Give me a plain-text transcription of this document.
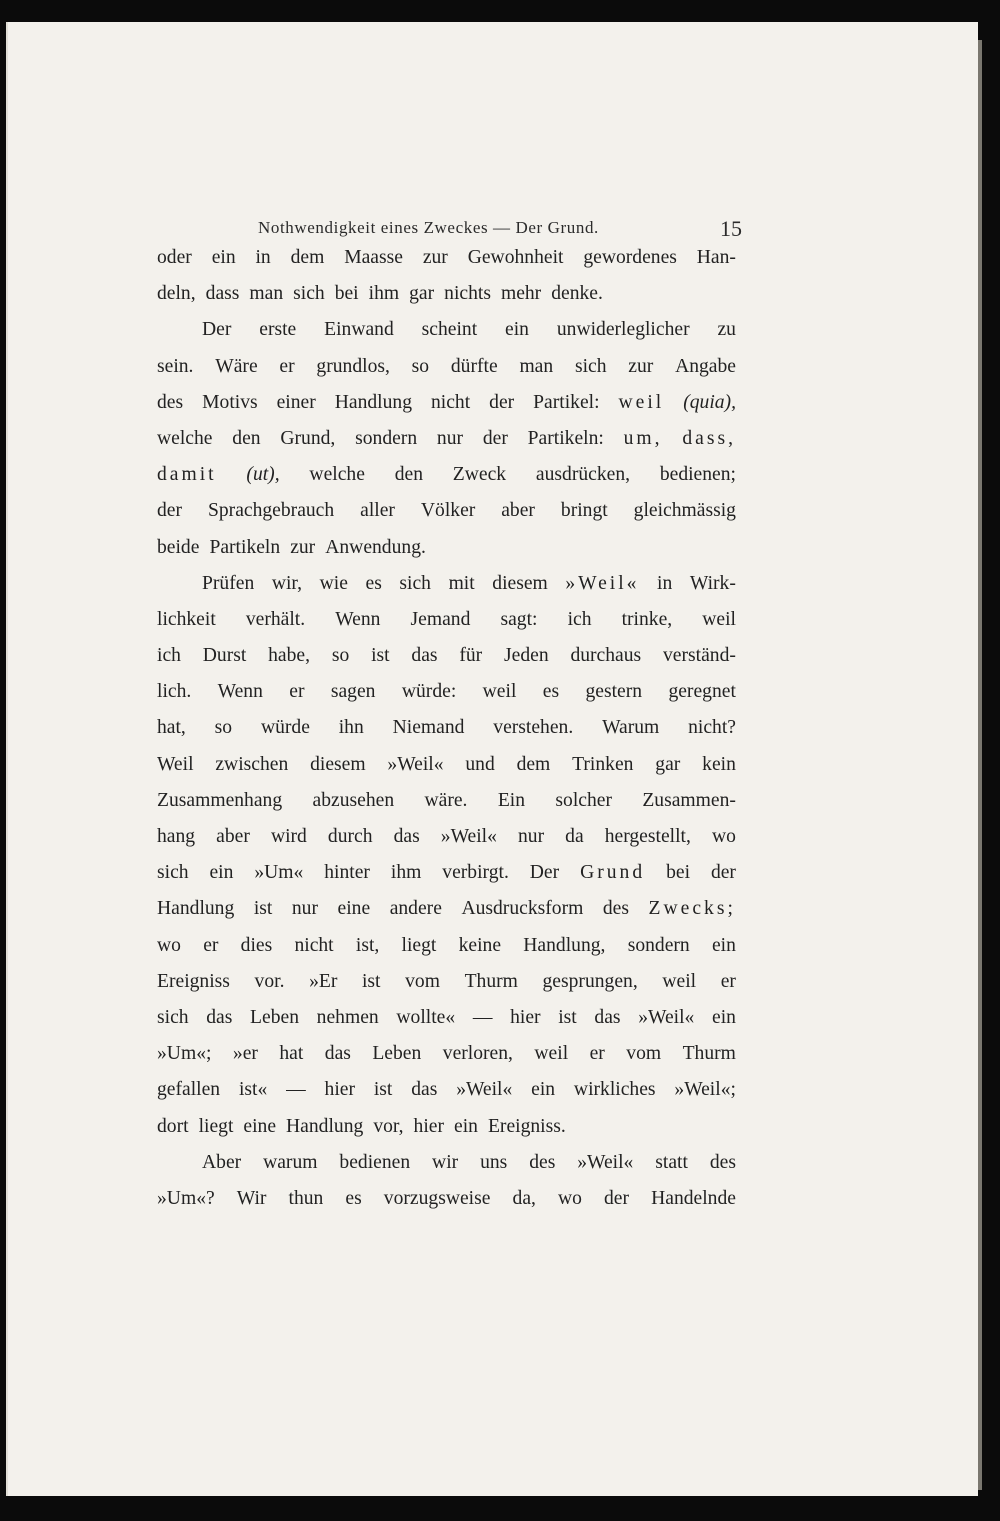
Nothwendigkeit eines Zweckes — Der Grund.	15
oder ein in dem Maasse zur Gewohnheit gewordenes Han-
deln, dass man sich bei ihm gar nichts mehr denke.
Der erste Einwand scheint ein unwiderleglicher zu
sein. Wäre er grundlos, so dürfte man sich zur Angabe
des Motivs einer Handlung nicht der Partikel: weil (quia),
welche den Grund, sondern nur der Partikeln: um, dass,
damit (ut), welche den Zweck ausdrücken, bedienen;
der Sprachgebrauch aller Völker aber bringt gleichmässig
beide Partikeln zur Anwendung.
Prüfen wir, wie es sich mit diesem »Weil« in Wirk-
lichkeit verhält. Wenn Jemand sagt: ich trinke, weil
ich Durst habe, so ist das für Jeden durchaus verständ-
lich. Wenn er sagen würde: weil es gestern geregnet
hat, so würde ihn Niemand verstehen. Warum nicht?
Weil zwischen diesem »Weil« und dem Trinken gar kein
Zusammenhang abzusehen wäre. Ein solcher Zusammen-
hang aber wird durch das »Weil« nur da hergestellt, wo
sich ein »Um« hinter ihm verbirgt. Der Grund bei der
Handlung ist nur eine andere Ausdrucksform des Zwecks;
wo er dies nicht ist, liegt keine Handlung, sondern ein
Ereigniss vor. »Er ist vom Thurm gesprungen, weil er
sich das Leben nehmen wollte« — hier ist das »Weil« ein
»Um«; »er hat das Leben verloren, weil er vom Thurm
gefallen ist« — hier ist das »Weil« ein wirkliches »Weil«;
dort liegt eine Handlung vor, hier ein Ereigniss.
Aber warum bedienen wir uns des »Weil« statt des
»Um«? Wir thun es vorzugsweise da, wo der Handelnde
